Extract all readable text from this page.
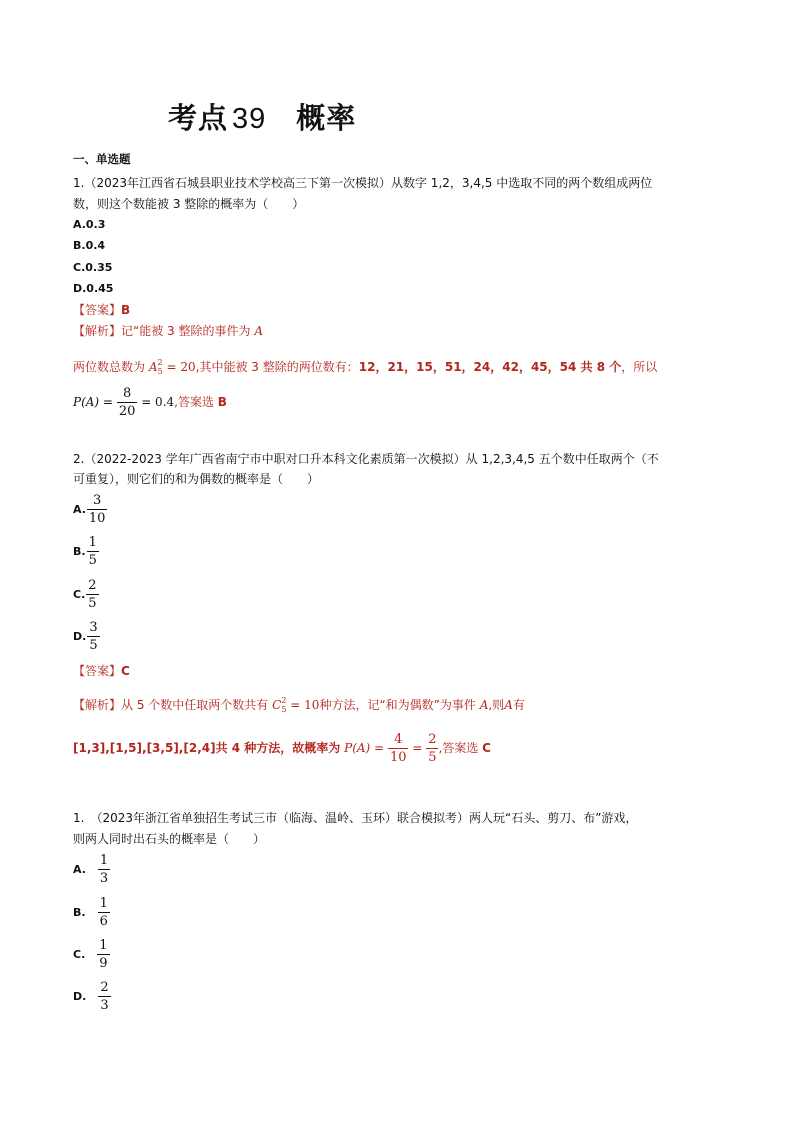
考点 39 概率
一、单选题
1.（2023年江西省石城县职业技术学校高三下第一次模拟）从数字 1,2，3,4,5 中选取不同的两个数组成两位
数，则这个数能被 3 整除的概率为（　　）
A.0.3
B.0.4
C.0.35
D.0.45
【答案】B
【解析】记“能被 3 整除的事件为 A
两位数总数为 $A^2_5 = 20$,其中能被 3 整除的两位数有：12，21，15，51，24，42，45，54 共 8 个，所以
$P(A) = \frac{8}{20} = 0.4$,答案选 B
2.（2022-2023 学年广西省南宁市中职对口升本科文化素质第一次模拟）从 1,2,3,4,5 五个数中任取两个（不
可重复），则它们的和为偶数的概率是（　　）
A. $\frac{3}{10}$
B. $\frac{1}{5}$
C. $\frac{2}{5}$
D. $\frac{3}{5}$
【答案】C
【解析】从 5 个数中任取两个数共有 $C^2_5 = 10$种方法，记“和为偶数”为事件 A,则A有
[1,3],[1,5],[3,5],[2,4]共 4 种方法，故概率为 $P(A) = \frac{4}{10} = \frac{2}{5}$ ,答案选 C
1.　（2023年浙江省单独招生考试三市（临海、温岭、玉环）联合模拟考）两人玩“石头、剪刀、布”游戏，
则两人同时出石头的概率是（　　）
A. $\frac{1}{3}$
B. $\frac{1}{6}$
C. $\frac{1}{9}$
D. $\frac{2}{3}$
